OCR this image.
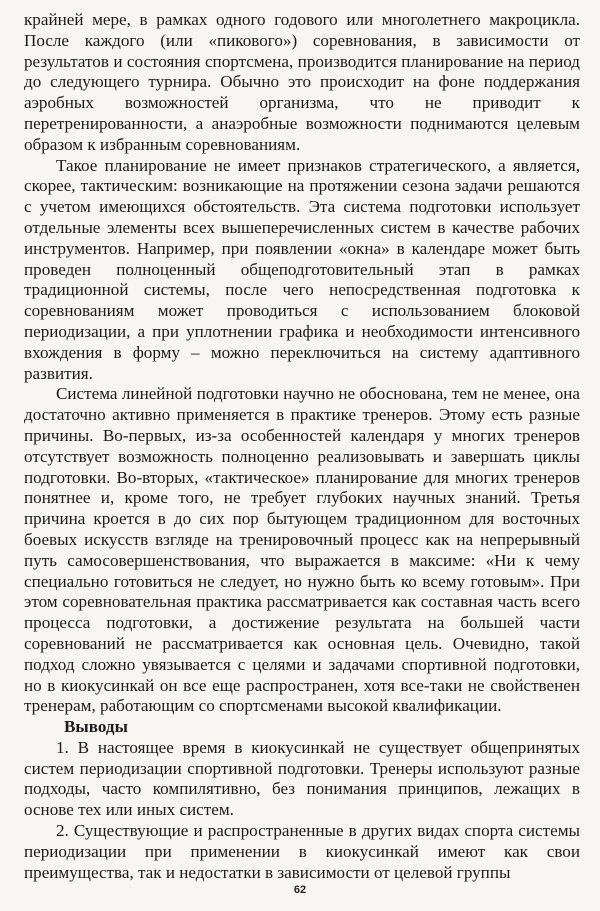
крайней мере, в рамках одного годового или многолетнего макроцикла. После каждого (или «пикового») соревнования, в зависимости от результатов и состояния спортсмена, производится планирование на период до следующего турнира. Обычно это происходит на фоне поддержания аэробных возможностей организма, что не приводит к перетренированности, а анаэробные возможности поднимаются целевым образом к избранным соревнованиям.

Такое планирование не имеет признаков стратегического, а является, скорее, тактическим: возникающие на протяжении сезона задачи решаются с учетом имеющихся обстоятельств. Эта система подготовки использует отдельные элементы всех вышеперечисленных систем в качестве рабочих инструментов. Например, при появлении «окна» в календаре может быть проведен полноценный общеподготовительный этап в рамках традиционной системы, после чего непосредственная подготовка к соревнованиям может проводиться с использованием блоковой периодизации, а при уплотнении графика и необходимости интенсивного вхождения в форму – можно переключиться на систему адаптивного развития.

Система линейной подготовки научно не обоснована, тем не менее, она достаточно активно применяется в практике тренеров. Этому есть разные причины. Во-первых, из-за особенностей календаря у многих тренеров отсутствует возможность полноценно реализовывать и завершать циклы подготовки. Во-вторых, «тактическое» планирование для многих тренеров понятнее и, кроме того, не требует глубоких научных знаний. Третья причина кроется в до сих пор бытующем традиционном для восточных боевых искусств взгляде на тренировочный процесс как на непрерывный путь самосовершенствования, что выражается в максиме: «Ни к чему специально готовиться не следует, но нужно быть ко всему готовым». При этом соревновательная практика рассматривается как составная часть всего процесса подготовки, а достижение результата на большей части соревнований не рассматривается как основная цель. Очевидно, такой подход сложно увязывается с целями и задачами спортивной подготовки, но в киокусинкай он все еще распространен, хотя все-таки не свойственен тренерам, работающим со спортсменами высокой квалификации.

Выводы

1. В настоящее время в киокусинкай не существует общепринятых систем периодизации спортивной подготовки. Тренеры используют разные подходы, часто компилятивно, без понимания принципов, лежащих в основе тех или иных систем.

2. Существующие и распространенные в других видах спорта системы периодизации при применении в киокусинкай имеют как свои преимущества, так и недостатки в зависимости от целевой группы

62
